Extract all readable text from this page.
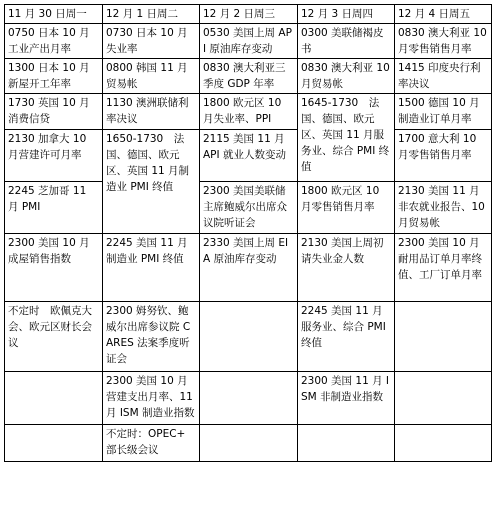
11 月 30 日周一	12 月 1 日周二	12 月 2 日周三	12 月 3 日周四	12 月 4 日周五
0750 日本 10 月工业产出月率	0730 日本 10 月失业率	0530 美国上周 API 原油库存变动	0300 美联储褐皮书	0830 澳大利亚 10 月零售销售月率
1300 日本 10 月新屋开工年率	0800 韩国 11 月贸易帐	0830 澳大利亚三季度 GDP 年率	0830 澳大利亚 10 月贸易帐	1415 印度央行利率决议
1730 英国 10 月消费信贷	1130 澳洲联储利率决议	1800 欧元区 10 月失业率、PPI	1645-1730　法国、德国、欧元区、英国 11 月服务业、综合 PMI 终值	1500 德国 10 月制造业订单月率
2130 加拿大 10 月营建许可月率	1650-1730　法国、德国、欧元区、英国 11 月制造业 PMI 终值	2115 美国 11 月 API 就业人数变动		1700 意大利 10 月零售销售月率
2245 芝加哥 11 月 PMI		2300 美国美联储主席鲍威尔出席众议院听证会	1800 欧元区 10 月零售销售月率	2130 美国 11 月非农就业报告、10 月贸易帐
2300 美国 10 月成屋销售指数	2245 美国 11 月制造业 PMI 终值	2330 美国上周 EIA 原油库存变动	2130 美国上周初请失业金人数	2300 美国 10 月耐用品订单月率终值、工厂订单月率
不定时　欧佩克大会、欧元区财长会议	2300 姆努钦、鲍威尔出席参议院 CARES 法案季度听证会		2245 美国 11 月服务业、综合 PMI 终值	
	2300 美国 10 月营建支出月率、11 月 ISM 制造业指数		2300 美国 11 月 ISM 非制造业指数	
	不定时：OPEC+ 部长级会议			
